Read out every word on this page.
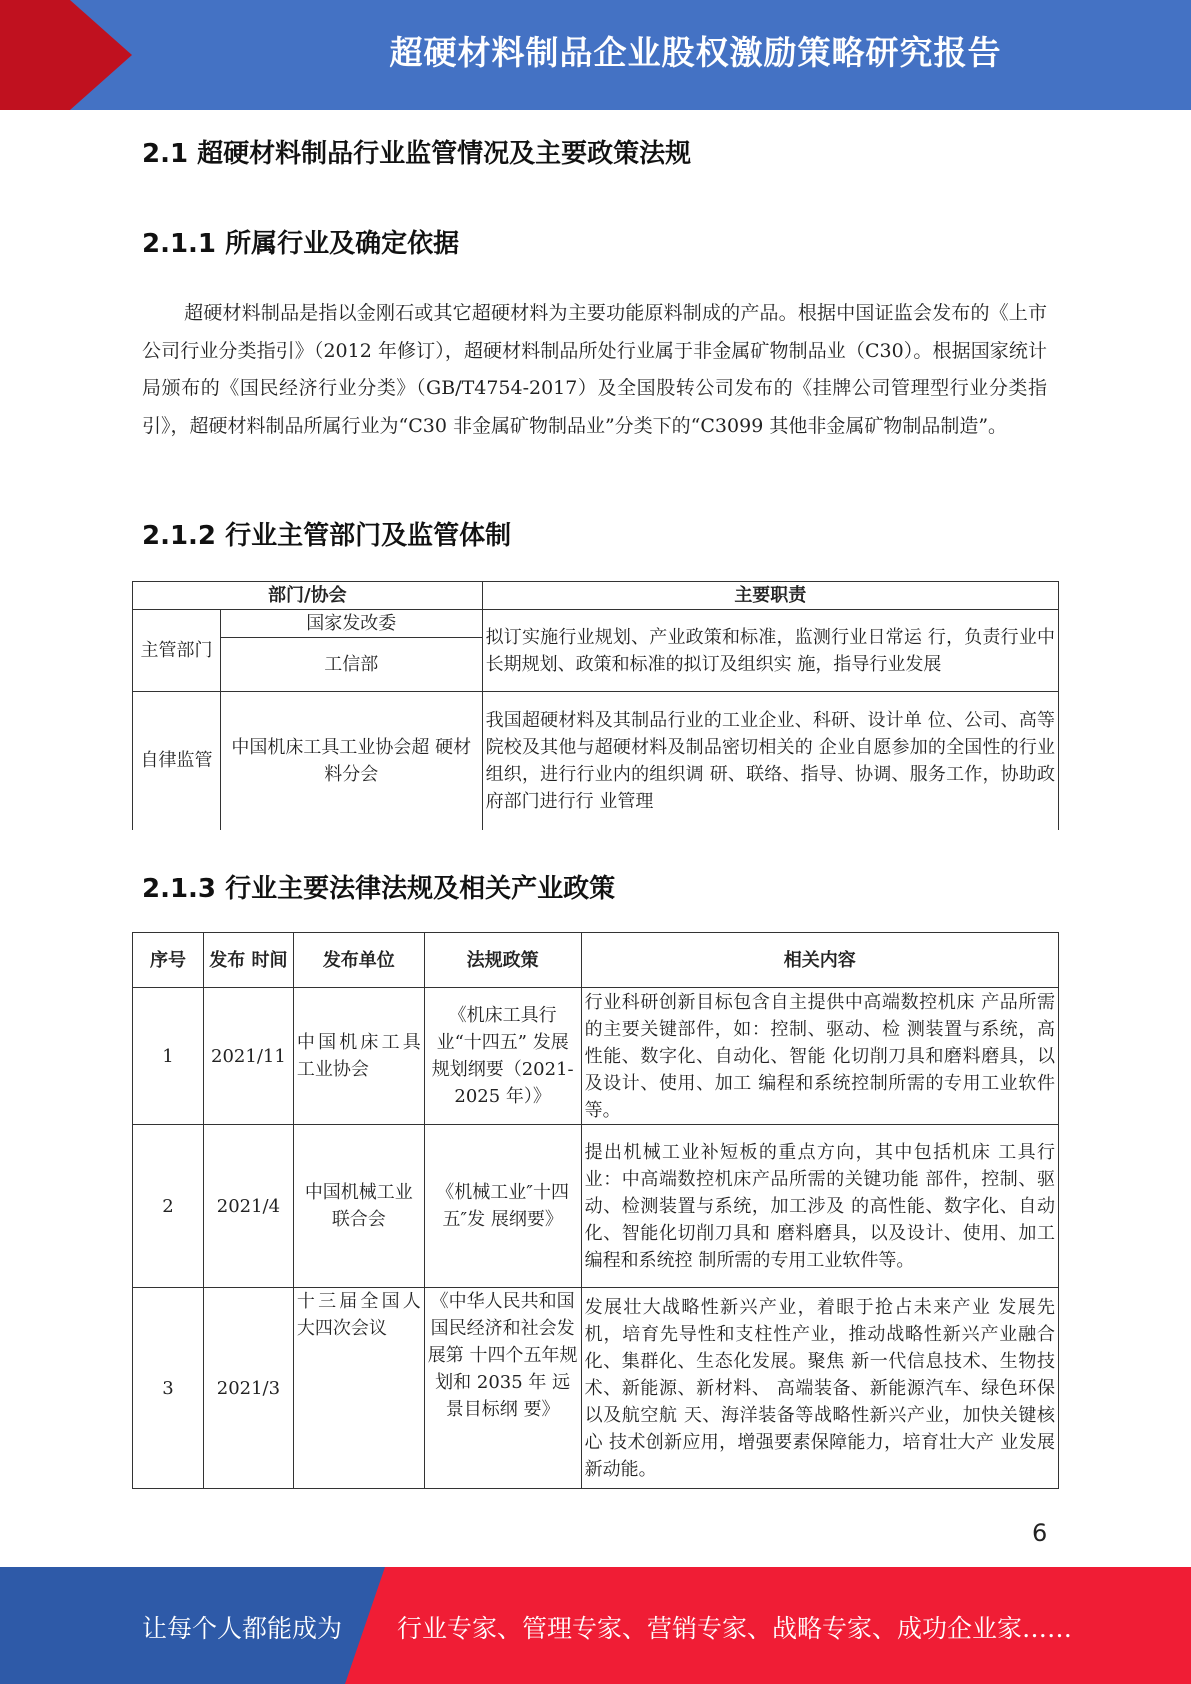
超硬材料制品企业股权激励策略研究报告
2.1 超硬材料制品行业监管情况及主要政策法规
2.1.1 所属行业及确定依据
超硬材料制品是指以金刚石或其它超硬材料为主要功能原料制成的产品。根据中国证监会发布的《上市公司行业分类指引》（2012 年修订），超硬材料制品所处行业属于非金属矿物制品业（C30）。根据国家统计局颁布的《国民经济行业分类》（GB/T4754-2017）及全国股转公司发布的《挂牌公司管理型行业分类指引》，超硬材料制品所属行业为“C30 非金属矿物制品业”分类下的“C3099 其他非金属矿物制品制造”。
2.1.2 行业主管部门及监管体制
部门/协会		主要职责
主管部门	国家发改委	拟订实施行业规划、产业政策和标准，监测行业日常运 行，负责行业中长期规划、政策和标准的拟订及组织实 施，指导行业发展
	工信部	
自律监管	中国机床工具工业协会超 硬材料分会	我国超硬材料及其制品行业的工业企业、科研、设计单 位、公司、高等院校及其他与超硬材料及制品密切相关的 企业自愿参加的全国性的行业组织，进行行业内的组织调 研、联络、指导、协调、服务工作，协助政府部门进行行 业管理
2.1.3 行业主要法律法规及相关产业政策
序号	发布 时间	发布单位	法规政策	相关内容
1	2021/11	中国机床工具工业协会	《机床工具行 业“十四五” 发展规划纲要（2021-2025 年）》	行业科研创新目标包含自主提供中高端数控机床 产品所需的主要关键部件，如：控制、驱动、检 测装置与系统，高性能、数字化、自动化、智能 化切削刀具和磨料磨具，以及设计、使用、加工 编程和系统控制所需的专用工业软件等。
2	2021/4	中国机械工业联合会	《机械工业″十四五″发 展纲要》	提出机械工业补短板的重点方向，其中包括机床 工具行业：中高端数控机床产品所需的关键功能 部件，控制、驱动、检测装置与系统，加工涉及 的高性能、数字化、自动化、智能化切削刀具和 磨料磨具，以及设计、使用、加工编程和系统控 制所需的专用工业软件等。
3	2021/3	十三届全国人大四次会议	《中华人民共和国国民经济和社会发展第 十四个五年规 划和 2035 年 远景目标纲 要》	发展壮大战略性新兴产业，着眼于抢占未来产业 发展先机，培育先导性和支柱性产业，推动战略性新兴产业融合化、集群化、生态化发展。聚焦 新一代信息技术、生物技术、新能源、新材料、 高端装备、新能源汽车、绿色环保以及航空航 天、海洋装备等战略性新兴产业，加快关键核心 技术创新应用，增强要素保障能力，培育壮大产 业发展新动能。
6
让每个人都能成为 行业专家、管理专家、营销专家、战略专家、成功企业家……
